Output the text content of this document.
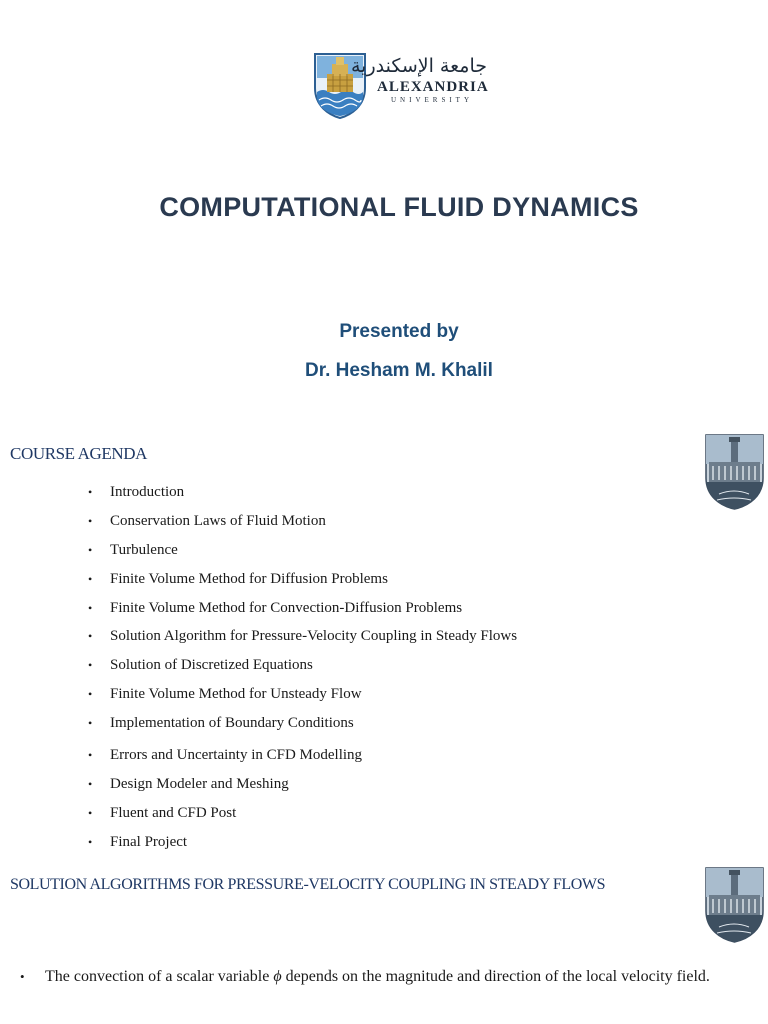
جامعة الإسكندرية
ALEXANDRIA
UNIVERSITY
COMPUTATIONAL FLUID DYNAMICS
Presented by
Dr. Hesham M. Khalil
COURSE AGENDA
• Introduction
• Conservation Laws of Fluid Motion
• Turbulence
• Finite Volume Method for Diffusion Problems
• Finite Volume Method for Convection-Diffusion Problems
• Solution Algorithm for Pressure-Velocity Coupling in Steady Flows
• Solution of Discretized Equations
• Finite Volume Method for Unsteady Flow
• Implementation of Boundary Conditions
• Errors and Uncertainty in CFD Modelling
• Design Modeler and Meshing
• Fluent and CFD Post
• Final Project
SOLUTION ALGORITHMS FOR PRESSURE-VELOCITY COUPLING IN STEADY FLOWS
• The convection of a scalar variable ϕ depends on the magnitude and direction of the local velocity field.
